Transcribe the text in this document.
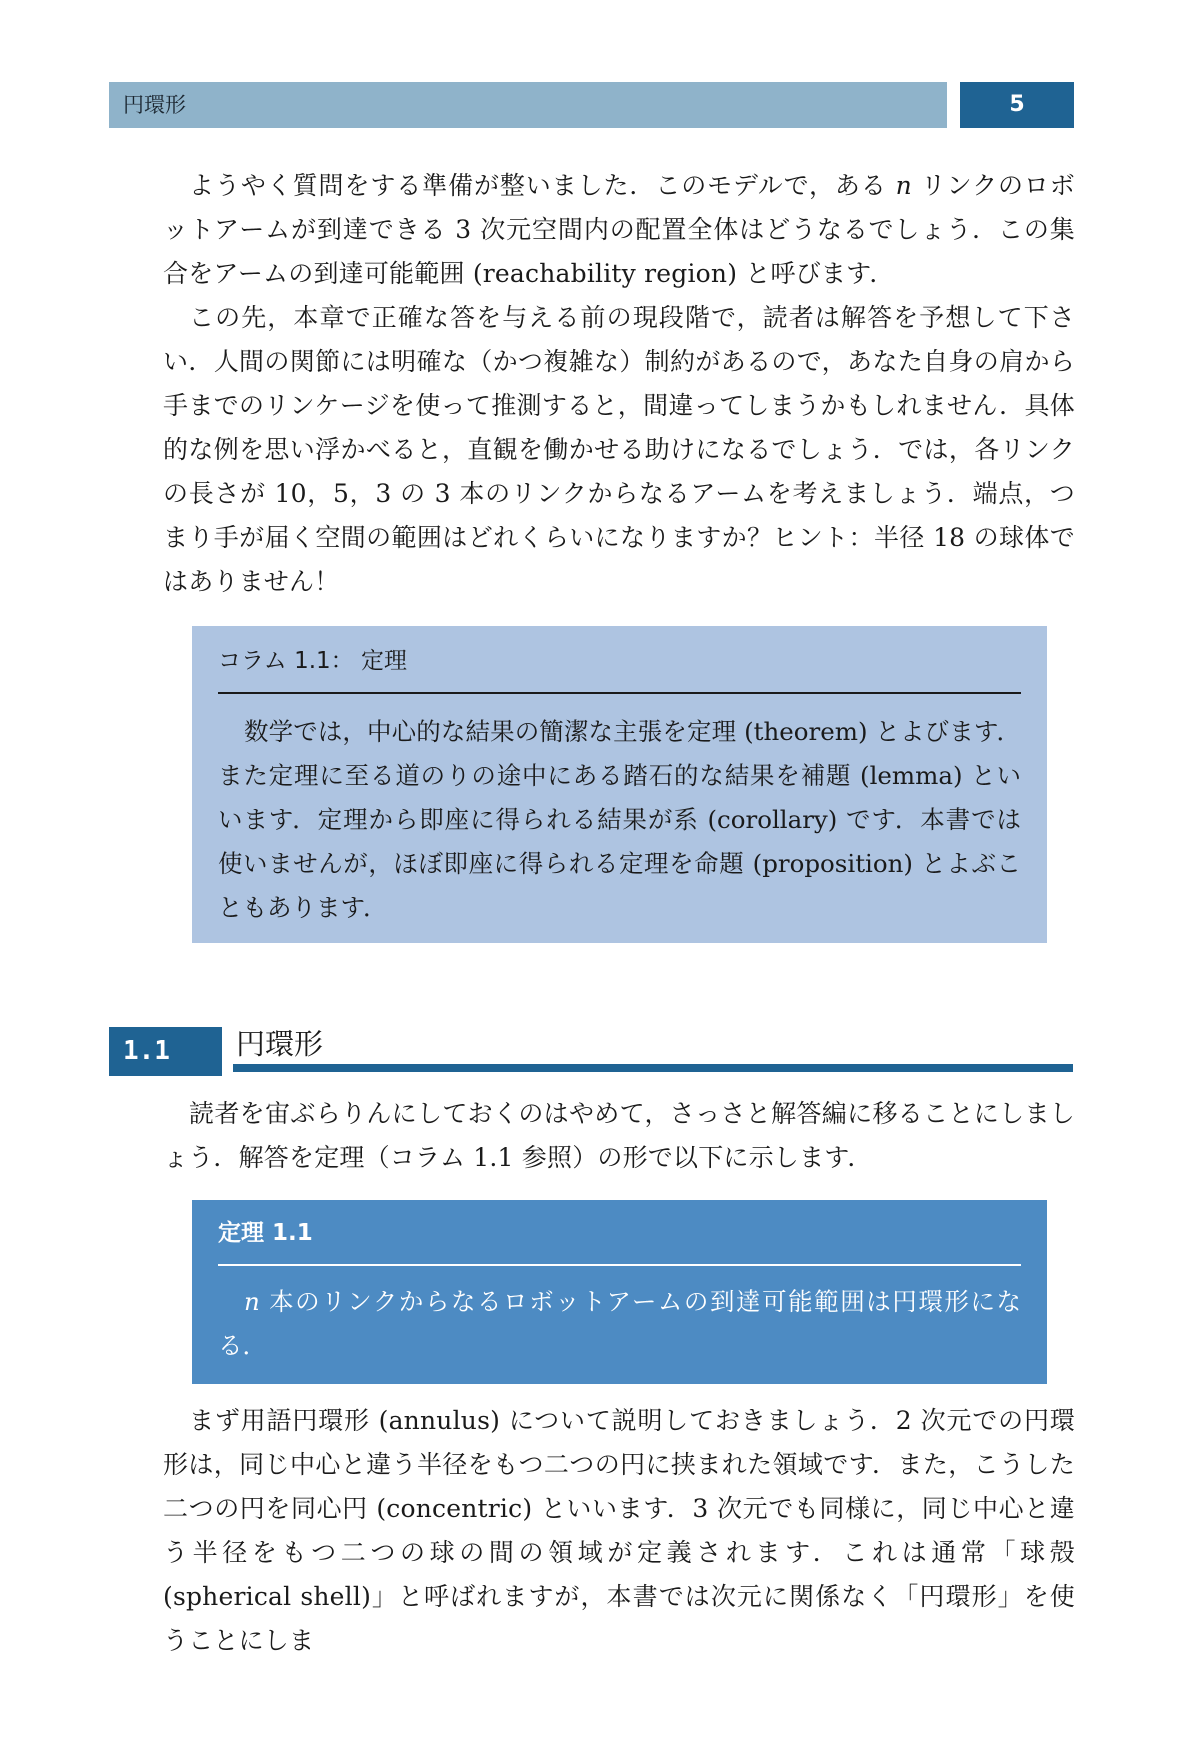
円環形	5

ようやく質問をする準備が整いました．このモデルで，ある n リンクのロボットアームが到達できる 3 次元空間内の配置全体はどうなるでしょう．この集合をアームの到達可能範囲 (reachability region) と呼びます．

この先，本章で正確な答を与える前の現段階で，読者は解答を予想して下さい．人間の関節には明確な（かつ複雑な）制約があるので，あなた自身の肩から手までのリンケージを使って推測すると，間違ってしまうかもしれません．具体的な例を思い浮かべると，直観を働かせる助けになるでしょう．では，各リンクの長さが 10，5，3 の 3 本のリンクからなるアームを考えましょう．端点，つまり手が届く空間の範囲はどれくらいになりますか？ヒント：半径 18 の球体ではありません！

コラム 1.1： 定理

数学では，中心的な結果の簡潔な主張を定理 (theorem) とよびます．また定理に至る道のりの途中にある踏石的な結果を補題 (lemma) といいます．定理から即座に得られる結果が系 (corollary) です．本書では使いませんが，ほぼ即座に得られる定理を命題 (proposition) とよぶこともあります．

1.1	円環形

読者を宙ぶらりんにしておくのはやめて，さっさと解答編に移ることにしましょう．解答を定理（コラム 1.1 参照）の形で以下に示します．

定理 1.1

n 本のリンクからなるロボットアームの到達可能範囲は円環形になる．

まず用語円環形 (annulus) について説明しておきましょう．2 次元での円環形は，同じ中心と違う半径をもつ二つの円に挟まれた領域です．また，こうした二つの円を同心円 (concentric) といいます．3 次元でも同様に，同じ中心と違う半径をもつ二つの球の間の領域が定義されます．これは通常「球殻 (spherical shell)」と呼ばれますが，本書では次元に関係なく「円環形」を使うことにしま
